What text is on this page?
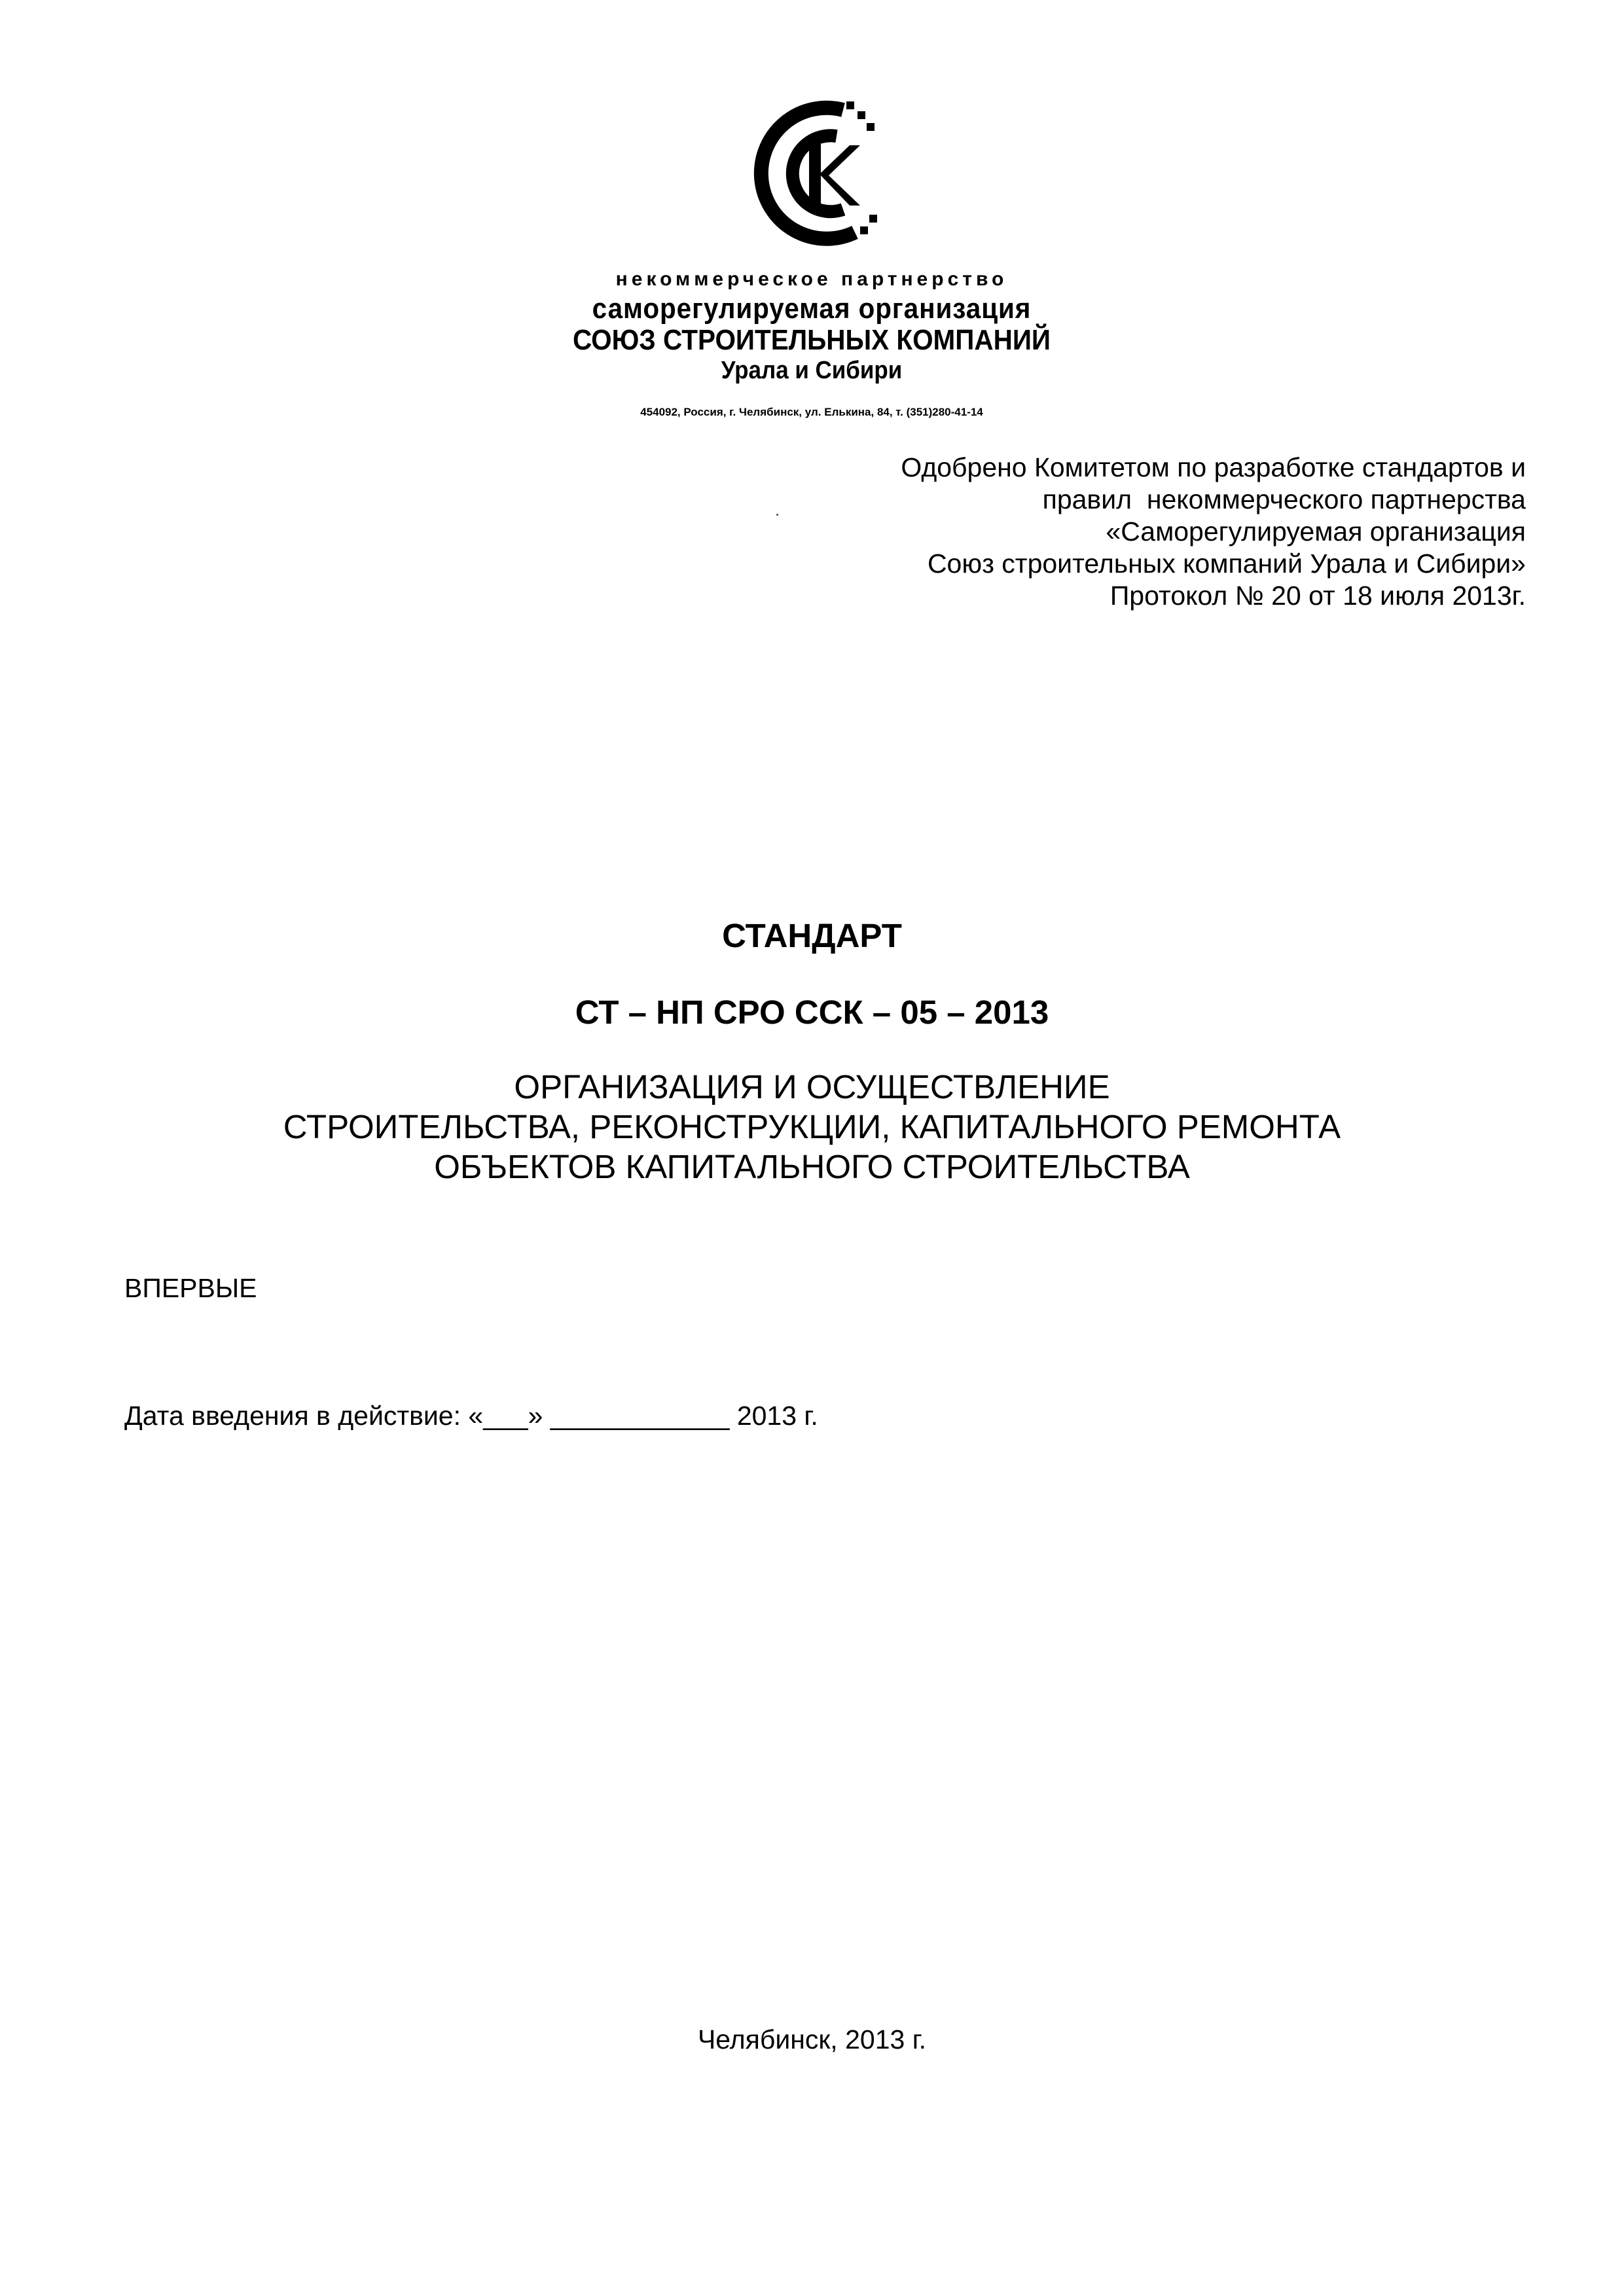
некоммерческое партнерство
саморегулируемая организация
СОЮЗ СТРОИТЕЛЬНЫХ КОМПАНИЙ
Урала и Сибири
454092, Россия, г. Челябинск, ул. Елькина, 84, т. (351)280-41-14
Одобрено Комитетом по разработке стандартов и
правил  некоммерческого партнерства
«Саморегулируемая организация
Союз строительных компаний Урала и Сибири»
Протокол № 20 от 18 июля 2013г.
СТАНДАРТ
СТ – НП СРО ССК – 05 – 2013
ОРГАНИЗАЦИЯ И ОСУЩЕСТВЛЕНИЕ
СТРОИТЕЛЬСТВА, РЕКОНСТРУКЦИИ, КАПИТАЛЬНОГО РЕМОНТА
ОБЪЕКТОВ КАПИТАЛЬНОГО СТРОИТЕЛЬСТВА
ВПЕРВЫЕ
Дата введения в действие: «___» ____________ 2013 г.
Челябинск, 2013 г.
